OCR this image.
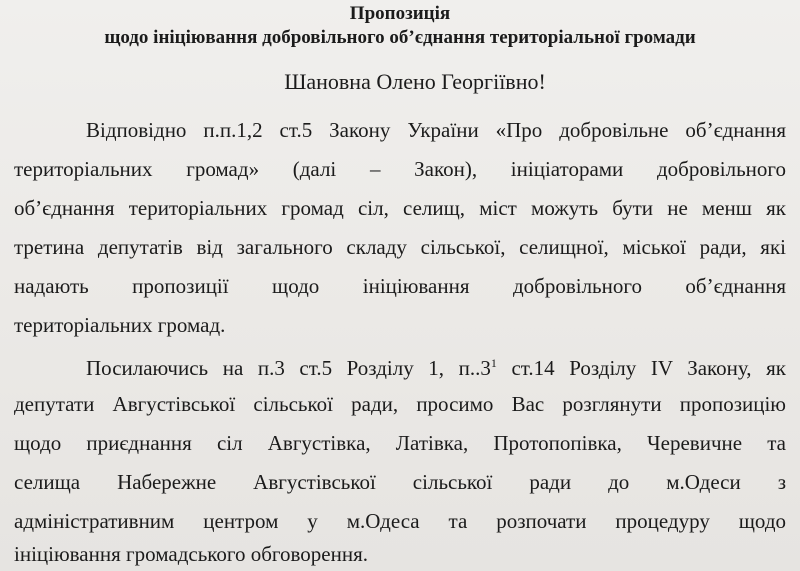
Пропозиція
щодо ініціювання добровільного об’єднання територіальної громади
Шановна Олено Георгіївно!
Відповідно п.п.1,2 ст.5 Закону України «Про добровільне об’єднання
територіальних громад» (далі – Закон), ініціаторами добровільного
об’єднання територіальних громад сіл, селищ, міст можуть бути не менш як
третина депутатів від загального складу сільської, селищної, міської ради, які
надають пропозиції щодо ініціювання добровільного об’єднання
територіальних громад.
Посилаючись на п.3 ст.5 Розділу 1, $п..3^1$ ст.14 Розділу IV Закону, як
депутати Августівської сільської ради, просимо Вас розглянути пропозицію
щодо приєднання сіл Августівка, Латівка, Протопопівка, Черевичне та
селища Набережне Августівської сільської ради до м.Одеси з
адміністративним центром у м.Одеса та розпочати процедуру щодо
ініціювання громадського обговорення.
